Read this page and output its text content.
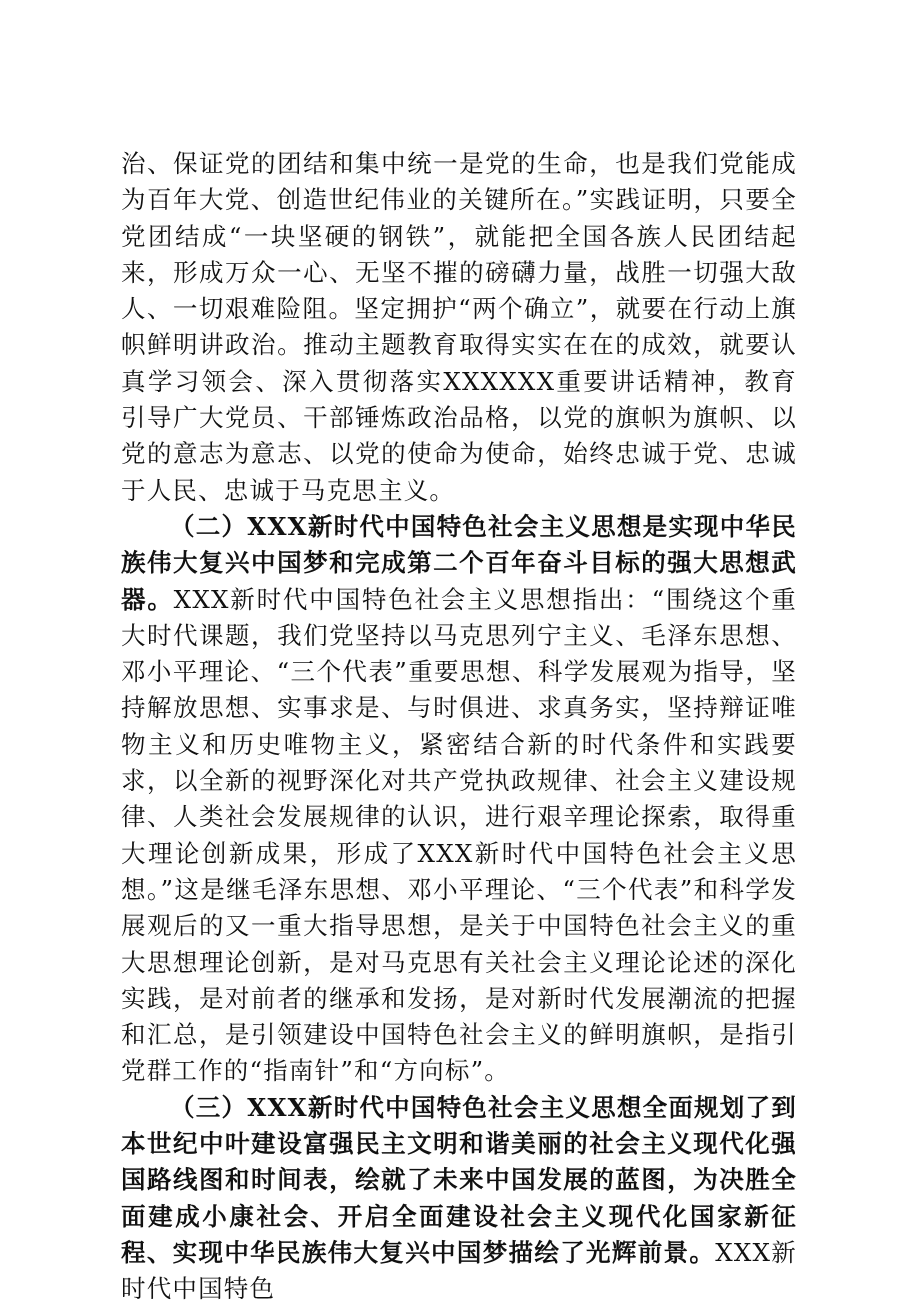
治、保证党的团结和集中统一是党的生命，也是我们党能成为百年大党、创造世纪伟业的关键所在。”实践证明，只要全党团结成“一块坚硬的钢铁”，就能把全国各族人民团结起来，形成万众一心、无坚不摧的磅礴力量，战胜一切强大敌人、一切艰难险阻。坚定拥护“两个确立”，就要在行动上旗帜鲜明讲政治。推动主题教育取得实实在在的成效，就要认真学习领会、深入贯彻落实XXXXXX重要讲话精神，教育引导广大党员、干部锤炼政治品格，以党的旗帜为旗帜、以党的意志为意志、以党的使命为使命，始终忠诚于党、忠诚于人民、忠诚于马克思主义。

（二）XXX新时代中国特色社会主义思想是实现中华民族伟大复兴中国梦和完成第二个百年奋斗目标的强大思想武器。XXX新时代中国特色社会主义思想指出：“围绕这个重大时代课题，我们党坚持以马克思列宁主义、毛泽东思想、邓小平理论、“三个代表”重要思想、科学发展观为指导，坚持解放思想、实事求是、与时俱进、求真务实，坚持辩证唯物主义和历史唯物主义，紧密结合新的时代条件和实践要求，以全新的视野深化对共产党执政规律、社会主义建设规律、人类社会发展规律的认识，进行艰辛理论探索，取得重大理论创新成果，形成了XXX新时代中国特色社会主义思想。”这是继毛泽东思想、邓小平理论、“三个代表”和科学发展观后的又一重大指导思想，是关于中国特色社会主义的重大思想理论创新，是对马克思有关社会主义理论论述的深化实践，是对前者的继承和发扬，是对新时代发展潮流的把握和汇总，是引领建设中国特色社会主义的鲜明旗帜，是指引党群工作的“指南针”和“方向标”。

（三）XXX新时代中国特色社会主义思想全面规划了到本世纪中叶建设富强民主文明和谐美丽的社会主义现代化强国路线图和时间表，绘就了未来中国发展的蓝图，为决胜全面建成小康社会、开启全面建设社会主义现代化国家新征程、实现中华民族伟大复兴中国梦描绘了光辉前景。XXX新时代中国特色
